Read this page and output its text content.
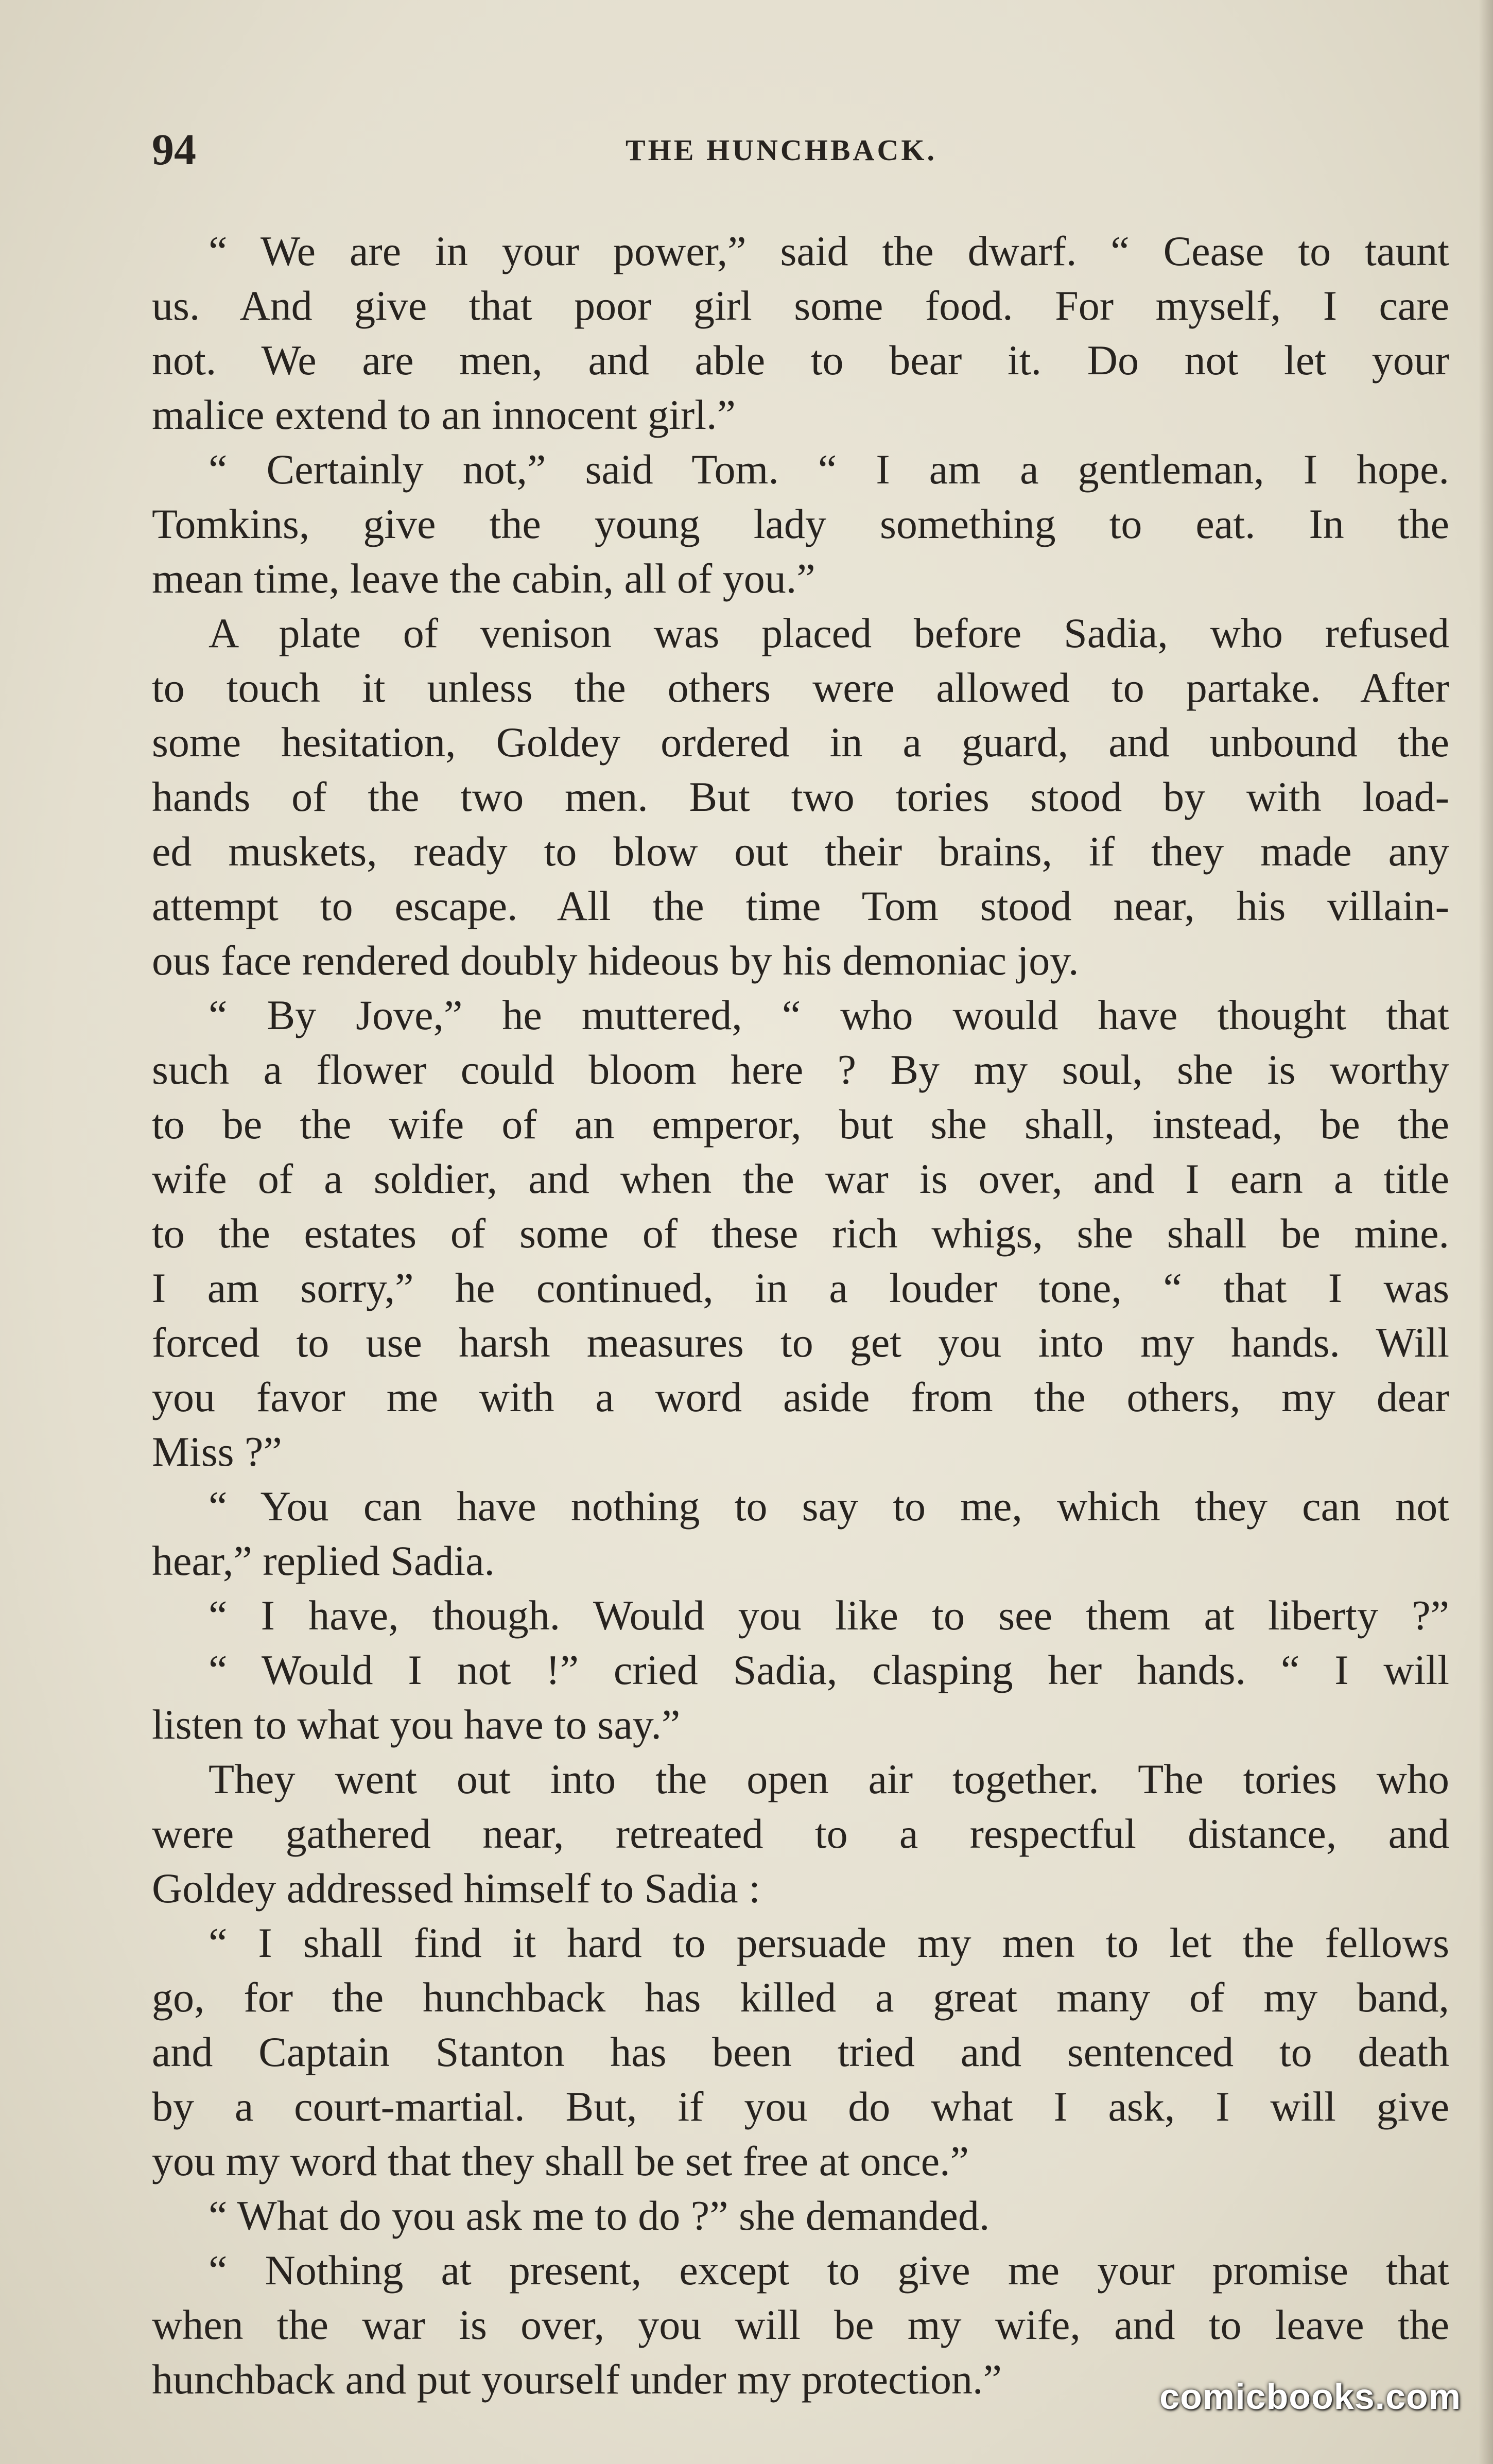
94	THE HUNCHBACK.
“ We are in your power,” said the dwarf. “ Cease to taunt
us. And give that poor girl some food. For myself, I care
not. We are men, and able to bear it. Do not let your
malice extend to an innocent girl.”
“ Certainly not,” said Tom. “ I am a gentleman, I hope.
Tomkins, give the young lady something to eat. In the
mean time, leave the cabin, all of you.”
A plate of venison was placed before Sadia, who refused
to touch it unless the others were allowed to partake. After
some hesitation, Goldey ordered in a guard, and unbound the
hands of the two men. But two tories stood by with load-
ed muskets, ready to blow out their brains, if they made any
attempt to escape. All the time Tom stood near, his villain-
ous face rendered doubly hideous by his demoniac joy.
“ By Jove,” he muttered, “ who would have thought that
such a flower could bloom here ? By my soul, she is worthy
to be the wife of an emperor, but she shall, instead, be the
wife of a soldier, and when the war is over, and I earn a title
to the estates of some of these rich whigs, she shall be mine.
I am sorry,” he continued, in a louder tone, “ that I was
forced to use harsh measures to get you into my hands. Will
you favor me with a word aside from the others, my dear
Miss ?”
“ You can have nothing to say to me, which they can not
hear,” replied Sadia.
“ I have, though. Would you like to see them at liberty ?”
“ Would I not !” cried Sadia, clasping her hands. “ I will
listen to what you have to say.”
They went out into the open air together. The tories who
were gathered near, retreated to a respectful distance, and
Goldey addressed himself to Sadia :
“ I shall find it hard to persuade my men to let the fellows
go, for the hunchback has killed a great many of my band,
and Captain Stanton has been tried and sentenced to death
by a court-martial. But, if you do what I ask, I will give
you my word that they shall be set free at once.”
“ What do you ask me to do ?” she demanded.
“ Nothing at present, except to give me your promise that
when the war is over, you will be my wife, and to leave the
hunchback and put yourself under my protection.”	comicbooks.com
